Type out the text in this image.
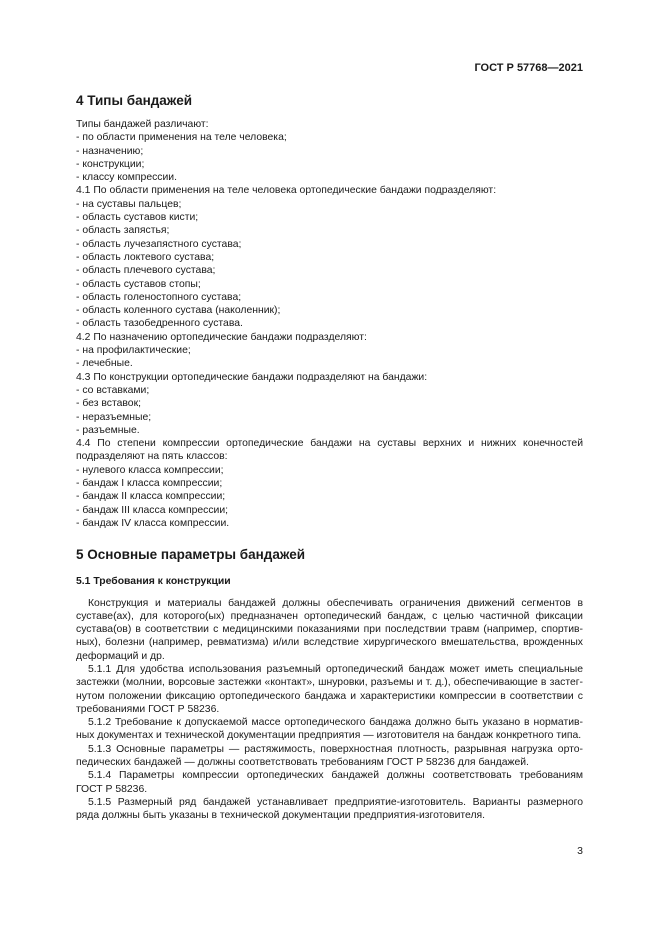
ГОСТ Р 57768—2021
4 Типы бандажей
Типы бандажей различают:
- по области применения на теле человека;
- назначению;
- конструкции;
- классу компрессии.
4.1 По области применения на теле человека ортопедические бандажи подразделяют:
- на суставы пальцев;
- область суставов кисти;
- область запястья;
- область лучезапястного сустава;
- область локтевого сустава;
- область плечевого сустава;
- область суставов стопы;
- область голеностопного сустава;
- область коленного сустава (наколенник);
- область тазобедренного сустава.
4.2 По назначению ортопедические бандажи подразделяют:
- на профилактические;
- лечебные.
4.3 По конструкции ортопедические бандажи подразделяют на бандажи:
- со вставками;
- без вставок;
- неразъемные;
- разъемные.
4.4 По степени компрессии ортопедические бандажи на суставы верхних и нижних конечностей
подразделяют на пять классов:
- нулевого класса компрессии;
- бандаж I класса компрессии;
- бандаж II класса компрессии;
- бандаж III класса компрессии;
- бандаж IV класса компрессии.
5 Основные параметры бандажей
5.1 Требования к конструкции
Конструкция и материалы бандажей должны обеспечивать ограничения движений сегментов в
суставе(ах), для которого(ых) предназначен ортопедический бандаж, с целью частичной фиксации
сустава(ов) в соответствии с медицинскими показаниями при последствии травм (например, спортив-
ных), болезни (например, ревматизма) и/или вследствие хирургического вмешательства, врожденных
деформаций и др.
5.1.1 Для удобства использования разъемный ортопедический бандаж может иметь специальные
застежки (молнии, ворсовые застежки «контакт», шнуровки, разъемы и т. д.), обеспечивающие в застег-
нутом положении фиксацию ортопедического бандажа и характеристики компрессии в соответствии с
требованиями ГОСТ Р 58236.
5.1.2 Требование к допускаемой массе ортопедического бандажа должно быть указано в норматив-
ных документах и технической документации предприятия — изготовителя на бандаж конкретного типа.
5.1.3 Основные параметры — растяжимость, поверхностная плотность, разрывная нагрузка орто-
педических бандажей — должны соответствовать требованиям ГОСТ Р 58236 для бандажей.
5.1.4 Параметры компрессии ортопедических бандажей должны соответствовать требованиям
ГОСТ Р 58236.
5.1.5 Размерный ряд бандажей устанавливает предприятие-изготовитель. Варианты размерного
ряда должны быть указаны в технической документации предприятия-изготовителя.
3
